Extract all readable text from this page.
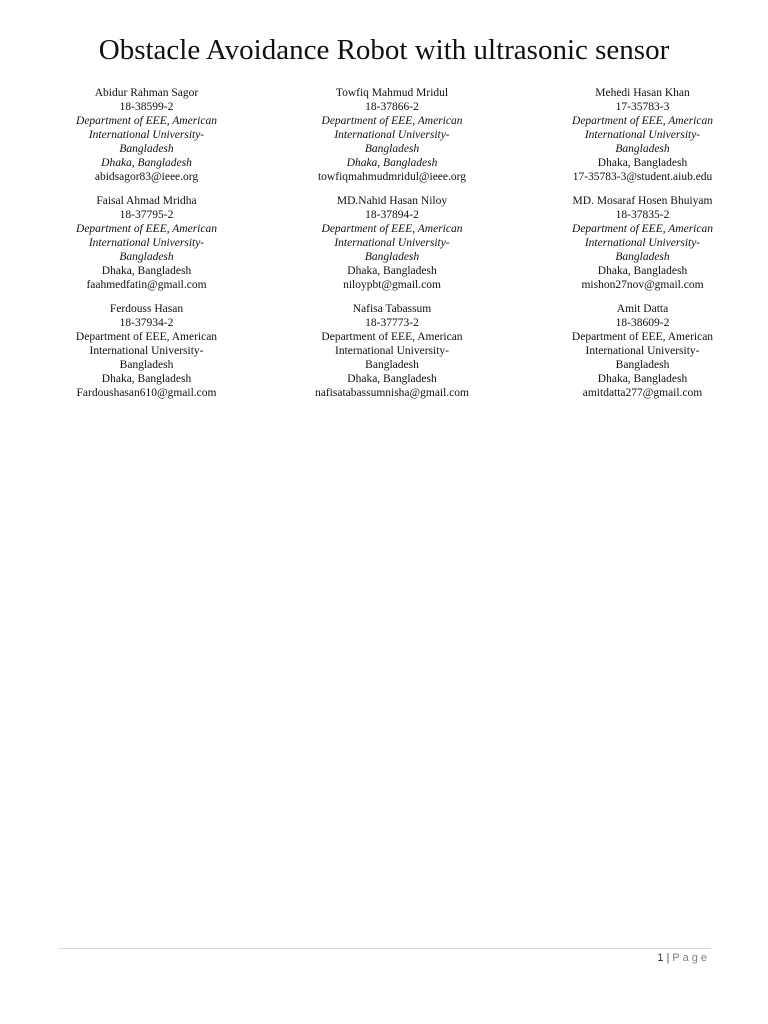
Obstacle Avoidance Robot with ultrasonic sensor
Abidur Rahman Sagor
18-38599-2
Department of EEE, American
International University-
Bangladesh
Dhaka, Bangladesh
abidsagor83@ieee.org
Towfiq Mahmud Mridul
18-37866-2
Department of EEE, American
International University-
Bangladesh
Dhaka, Bangladesh
towfiqmahmudmridul@ieee.org
Mehedi Hasan Khan
17-35783-3
Department of EEE, American
International University-
Bangladesh
Dhaka, Bangladesh
17-35783-3@student.aiub.edu
Faisal Ahmad Mridha
18-37795-2
Department of EEE, American
International University-
Bangladesh
Dhaka, Bangladesh
faahmedfatin@gmail.com
MD.Nahid Hasan Niloy
18-37894-2
Department of EEE, American
International University-
Bangladesh
Dhaka, Bangladesh
niloypbt@gmail.com
MD. Mosaraf Hosen Bhuiyam
18-37835-2
Department of EEE, American
International University-
Bangladesh
Dhaka, Bangladesh
mishon27nov@gmail.com
Ferdouss Hasan
18-37934-2
Department of EEE, American
International University-
Bangladesh
Dhaka, Bangladesh
Fardoushasan610@gmail.com
Nafisa Tabassum
18-37773-2
Department of EEE, American
International University-
Bangladesh
Dhaka, Bangladesh
nafisatabassumnisha@gmail.com
Amit Datta
18-38609-2
Department of EEE, American
International University-
Bangladesh
Dhaka, Bangladesh
amitdatta277@gmail.com
1 | Page
